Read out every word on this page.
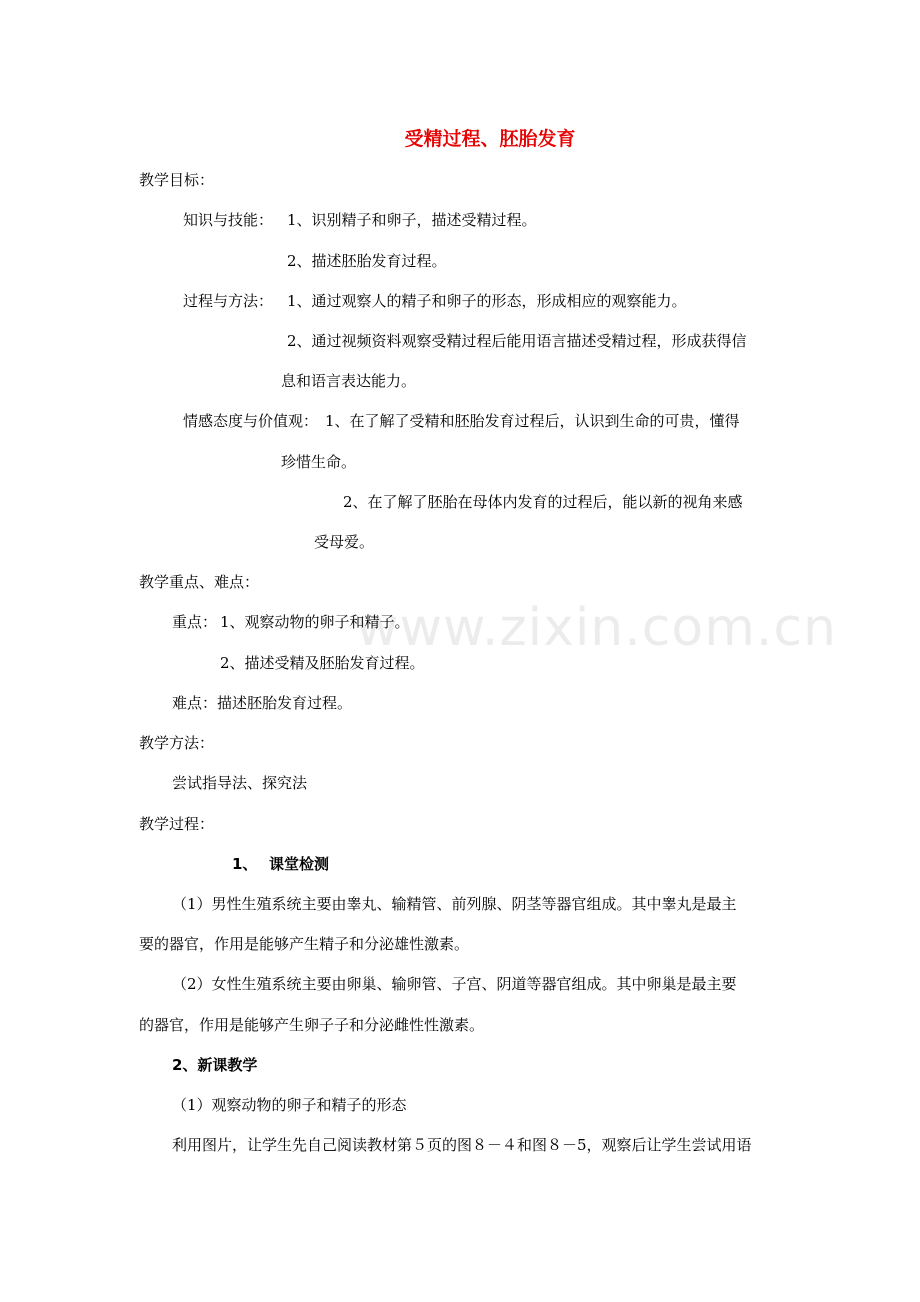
www.zixin.com.cn
受精过程、胚胎发育
教学目标：
知识与技能： 1、识别精子和卵子，描述受精过程。
2、描述胚胎发育过程。
过程与方法： 1、通过观察人的精子和卵子的形态，形成相应的观察能力。
2、通过视频资料观察受精过程后能用语言描述受精过程，形成获得信
息和语言表达能力。
情感态度与价值观： 1、在了解了受精和胚胎发育过程后，认识到生命的可贵，懂得
珍惜生命。
2、在了解了胚胎在母体内发育的过程后，能以新的视角来感
受母爱。
教学重点、难点：
重点： 1、观察动物的卵子和精子。
2、描述受精及胚胎发育过程。
难点：描述胚胎发育过程。
教学方法：
尝试指导法、探究法
教学过程：
1、 课堂检测
（1）男性生殖系统主要由睾丸、输精管、前列腺、阴茎等器官组成。其中睾丸是最主
要的器官，作用是能够产生精子和分泌雄性激素。
（2）女性生殖系统主要由卵巢、输卵管、子宫、阴道等器官组成。其中卵巢是最主要
的器官，作用是能够产生卵子子和分泌雌性性激素。
2、新课教学
（1）观察动物的卵子和精子的形态
利用图片，让学生先自己阅读教材第５页的图８－４和图８－5，观察后让学生尝试用语
